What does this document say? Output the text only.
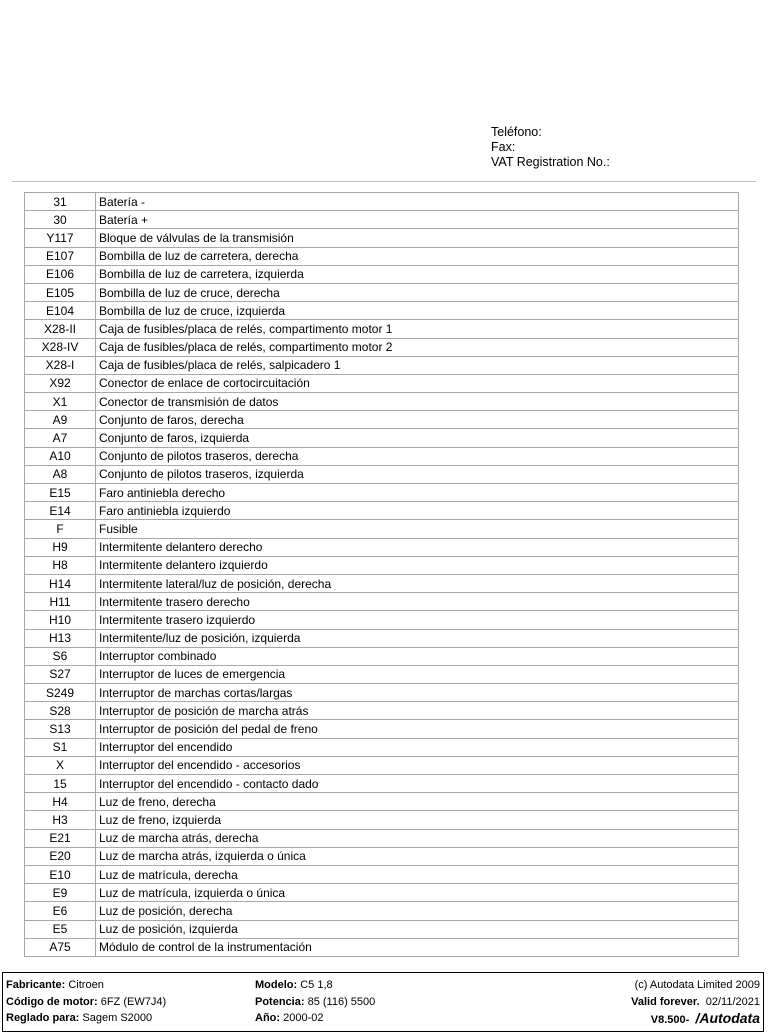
Teléfono:
Fax:
VAT Registration No.:
31	Batería -
30	Batería +
Y117	Bloque de válvulas de la transmisión
E107	Bombilla de luz de carretera, derecha
E106	Bombilla de luz de carretera, izquierda
E105	Bombilla de luz de cruce, derecha
E104	Bombilla de luz de cruce, izquierda
X28-II	Caja de fusibles/placa de relés, compartimento motor 1
X28-IV	Caja de fusibles/placa de relés, compartimento motor 2
X28-I	Caja de fusibles/placa de relés, salpicadero 1
X92	Conector de enlace de cortocircuitación
X1	Conector de transmisión de datos
A9	Conjunto de faros, derecha
A7	Conjunto de faros, izquierda
A10	Conjunto de pilotos traseros, derecha
A8	Conjunto de pilotos traseros, izquierda
E15	Faro antiniebla derecho
E14	Faro antiniebla izquierdo
F	Fusible
H9	Intermitente delantero derecho
H8	Intermitente delantero izquierdo
H14	Intermitente lateral/luz de posición, derecha
H11	Intermitente trasero derecho
H10	Intermitente trasero izquierdo
H13	Intermitente/luz de posición, izquierda
S6	Interruptor combinado
S27	Interruptor de luces de emergencia
S249	Interruptor de marchas cortas/largas
S28	Interruptor de posición de marcha atrás
S13	Interruptor de posición del pedal de freno
S1	Interruptor del encendido
X	Interruptor del encendido - accesorios
15	Interruptor del encendido - contacto dado
H4	Luz de freno, derecha
H3	Luz de freno, izquierda
E21	Luz de marcha atrás, derecha
E20	Luz de marcha atrás, izquierda o única
E10	Luz de matrícula, derecha
E9	Luz de matrícula, izquierda o única
E6	Luz de posición, derecha
E5	Luz de posición, izquierda
A75	Módulo de control de la instrumentación
Fabricante: Citroen
Código de motor: 6FZ (EW7J4)
Reglado para: Sagem S2000
Modelo: C5 1,8
Potencia: 85 (116) 5500
Año: 2000-02
(c) Autodata Limited 2009
Valid forever. 02/11/2021
V8.500- /Autodata
